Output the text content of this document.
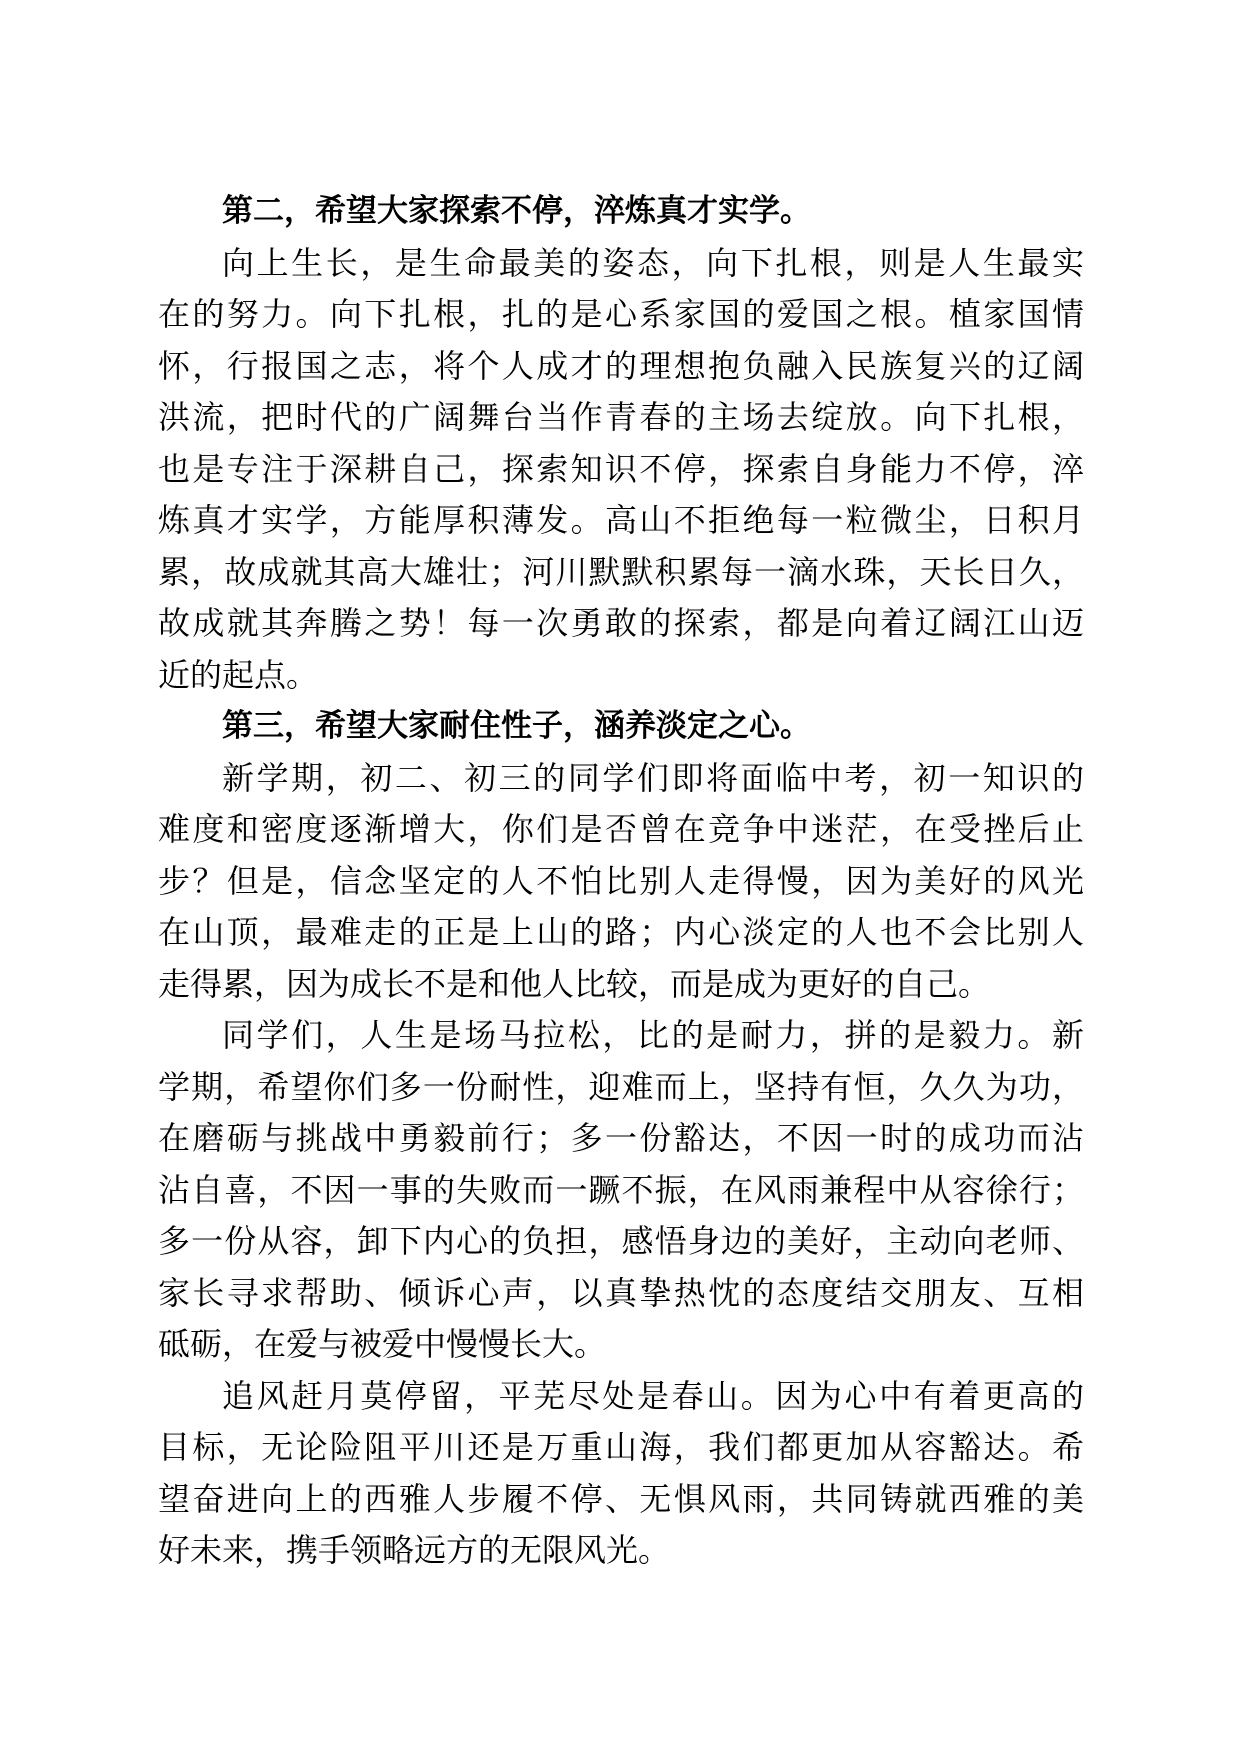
第二，希望大家探索不停，淬炼真才实学。
向上生长，是生命最美的姿态，向下扎根，则是人生最实
在的努力。向下扎根，扎的是心系家国的爱国之根。植家国情
怀，行报国之志，将个人成才的理想抱负融入民族复兴的辽阔
洪流，把时代的广阔舞台当作青春的主场去绽放。向下扎根，
也是专注于深耕自己，探索知识不停，探索自身能力不停，淬
炼真才实学，方能厚积薄发。高山不拒绝每一粒微尘，日积月
累，故成就其高大雄壮；河川默默积累每一滴水珠，天长日久，
故成就其奔腾之势！每一次勇敢的探索，都是向着辽阔江山迈
近的起点。
第三，希望大家耐住性子，涵养淡定之心。
新学期，初二、初三的同学们即将面临中考，初一知识的
难度和密度逐渐增大，你们是否曾在竞争中迷茫，在受挫后止
步？但是，信念坚定的人不怕比别人走得慢，因为美好的风光
在山顶，最难走的正是上山的路；内心淡定的人也不会比别人
走得累，因为成长不是和他人比较，而是成为更好的自己。
同学们，人生是场马拉松，比的是耐力，拼的是毅力。新
学期，希望你们多一份耐性，迎难而上，坚持有恒，久久为功，
在磨砺与挑战中勇毅前行；多一份豁达，不因一时的成功而沾
沾自喜，不因一事的失败而一蹶不振，在风雨兼程中从容徐行；
多一份从容，卸下内心的负担，感悟身边的美好，主动向老师、
家长寻求帮助、倾诉心声，以真挚热忱的态度结交朋友、互相
砥砺，在爱与被爱中慢慢长大。
追风赶月莫停留，平芜尽处是春山。因为心中有着更高的
目标，无论险阻平川还是万重山海，我们都更加从容豁达。希
望奋进向上的西雅人步履不停、无惧风雨，共同铸就西雅的美
好未来，携手领略远方的无限风光。
